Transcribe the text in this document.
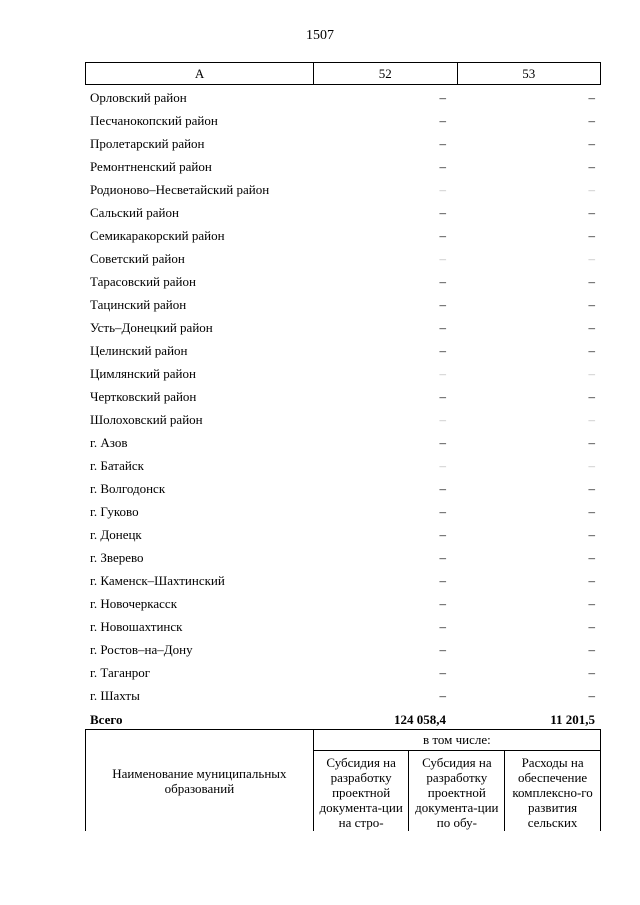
1507
А	52	53
Орловский район	–	–
Песчанокопский район	–	–
Пролетарский район	–	–
Ремонтненский район	–	–
Родионово–Несветайский район	–	–
Сальский район	–	–
Семикаракорский район	–	–
Советский район	–	–
Тарасовский район	–	–
Тацинский район	–	–
Усть–Донецкий район	–	–
Целинский район	–	–
Цимлянский район	–	–
Чертковский район	–	–
Шолоховский район	–	–
г. Азов	–	–
г. Батайск	–	–
г. Волгодонск	–	–
г. Гуково	–	–
г. Донецк	–	–
г. Зверево	–	–
г. Каменск–Шахтинский	–	–
г. Новочеркасск	–	–
г. Новошахтинск	–	–
г. Ростов–на–Дону	–	–
г. Таганрог	–	–
г. Шахты	–	–
Всего	124 058,4	11 201,5
Наименование муниципальных образований	в том числе:		
	Субсидия на разработку проектной документа-ции на стро-	Субсидия на разработку проектной документа-ции по обу-	Расходы на обеспечение комплексно-го развития сельских
